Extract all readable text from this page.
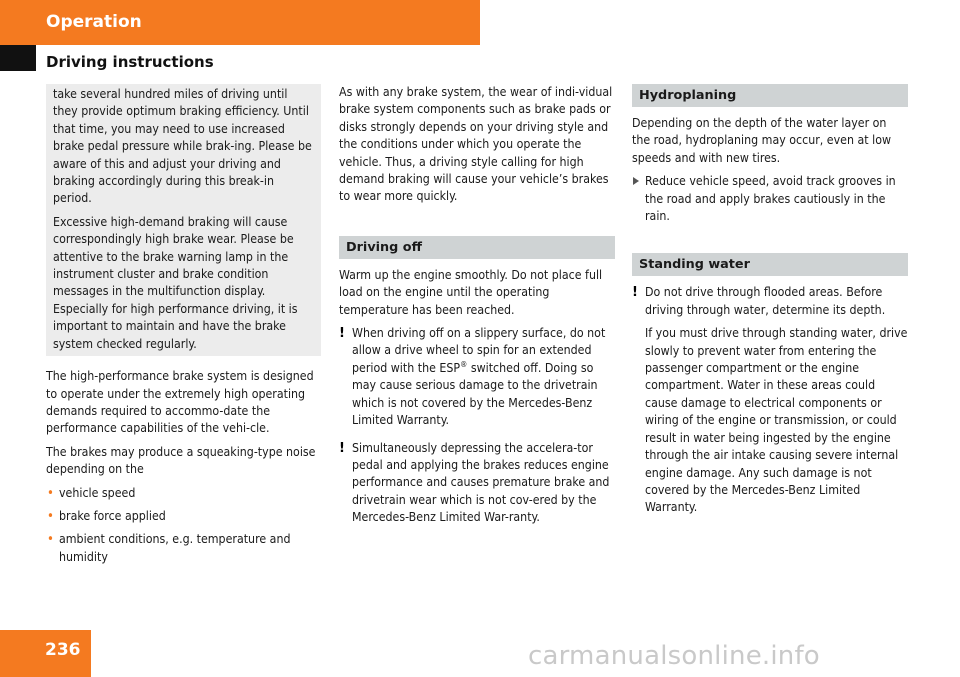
Operation
Driving instructions

take several hundred miles of driving until they provide optimum braking efficiency. Until that time, you may need to use increased brake pedal pressure while brak-ing. Please be aware of this and adjust your driving and braking accordingly during this break-in period.

Excessive high-demand braking will cause correspondingly high brake wear. Please be attentive to the brake warning lamp in the instrument cluster and brake condition messages in the multifunction display. Especially for high performance driving, it is important to maintain and have the brake system checked regularly.

The high-performance brake system is designed to operate under the extremely high operating demands required to accommo-date the performance capabilities of the vehi-cle.

The brakes may produce a squeaking-type noise depending on the

• vehicle speed
• brake force applied
• ambient conditions, e.g. temperature and humidity

As with any brake system, the wear of indi-vidual brake system components such as brake pads or disks strongly depends on your driving style and the conditions under which you operate the vehicle. Thus, a driving style calling for high demand braking will cause your vehicle’s brakes to wear more quickly.

Driving off

Warm up the engine smoothly. Do not place full load on the engine until the operating temperature has been reached.

! When driving off on a slippery surface, do not allow a drive wheel to spin for an extended period with the ESP® switched off. Doing so may cause serious damage to the drivetrain which is not covered by the Mercedes-Benz Limited Warranty.

! Simultaneously depressing the accelera-tor pedal and applying the brakes reduces engine performance and causes premature brake and drivetrain wear which is not cov-ered by the Mercedes-Benz Limited War-ranty.

Hydroplaning

Depending on the depth of the water layer on the road, hydroplaning may occur, even at low speeds and with new tires.

Reduce vehicle speed, avoid track grooves in the road and apply brakes cautiously in the rain.
Standing water
! Do not drive through flooded areas. Before driving through water, determine its depth.

If you must drive through standing water, drive slowly to prevent water from entering the passenger compartment or the engine compartment. Water in these areas could cause damage to electrical components or wiring of the engine or transmission, or could result in water being ingested by the engine through the air intake causing severe internal engine damage. Any such damage is not covered by the Mercedes-Benz Limited Warranty.

236	carmanualsonline.info
